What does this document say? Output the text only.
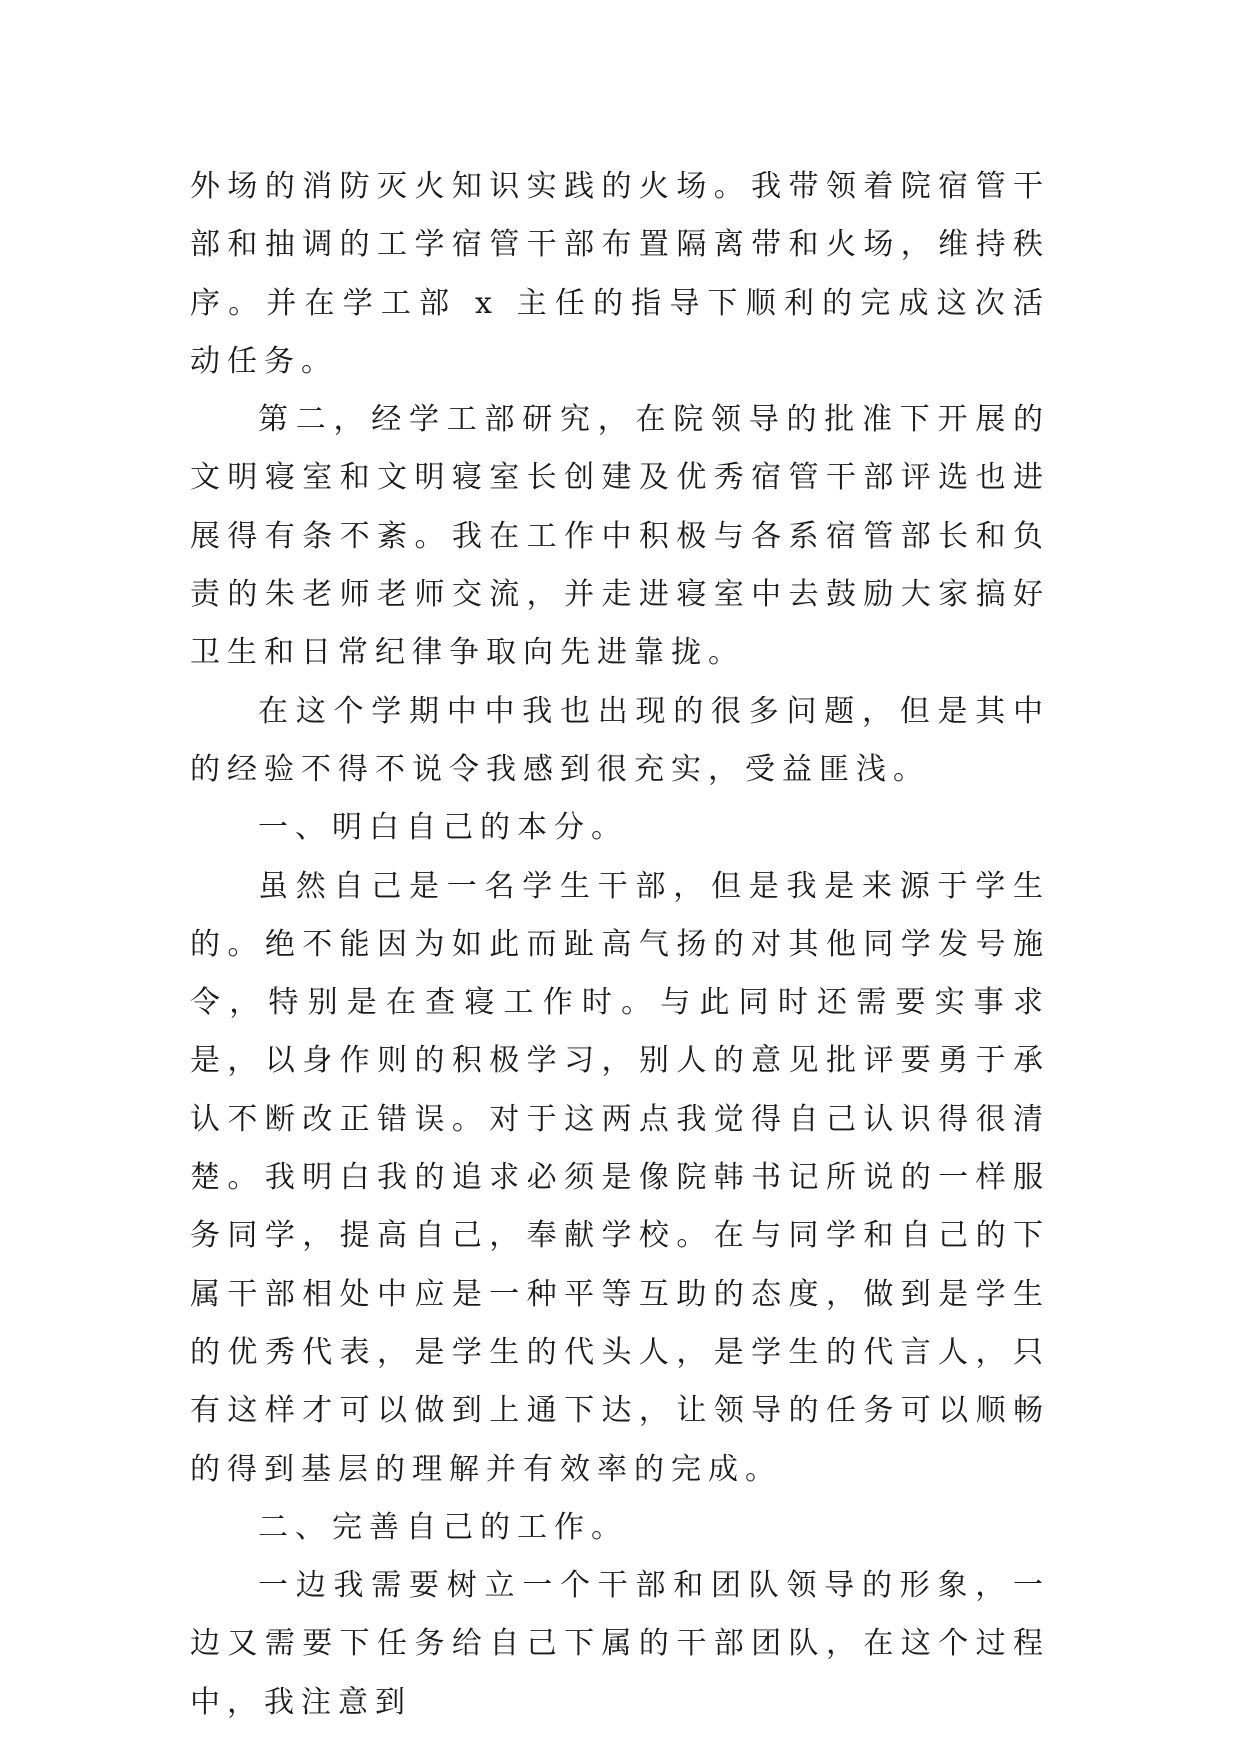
外场的消防灭火知识实践的火场。我带领着院宿管干部和抽调的工学宿管干部布置隔离带和火场，维持秩序。并在学工部 x 主任的指导下顺利的完成这次活动任务。

第二，经学工部研究，在院领导的批准下开展的文明寝室和文明寝室长创建及优秀宿管干部评选也进展得有条不紊。我在工作中积极与各系宿管部长和负责的朱老师老师交流，并走进寝室中去鼓励大家搞好卫生和日常纪律争取向先进靠拢。

在这个学期中中我也出现的很多问题，但是其中的经验不得不说令我感到很充实，受益匪浅。

一、明白自己的本分。

虽然自己是一名学生干部，但是我是来源于学生的。绝不能因为如此而趾高气扬的对其他同学发号施令，特别是在查寝工作时。与此同时还需要实事求是，以身作则的积极学习，别人的意见批评要勇于承认不断改正错误。对于这两点我觉得自己认识得很清楚。我明白我的追求必须是像院韩书记所说的一样服务同学，提高自己，奉献学校。在与同学和自己的下属干部相处中应是一种平等互助的态度，做到是学生的优秀代表，是学生的代头人，是学生的代言人，只有这样才可以做到上通下达，让领导的任务可以顺畅的得到基层的理解并有效率的完成。

二、完善自己的工作。

一边我需要树立一个干部和团队领导的形象，一边又需要下任务给自己下属的干部团队，在这个过程中，我注意到
